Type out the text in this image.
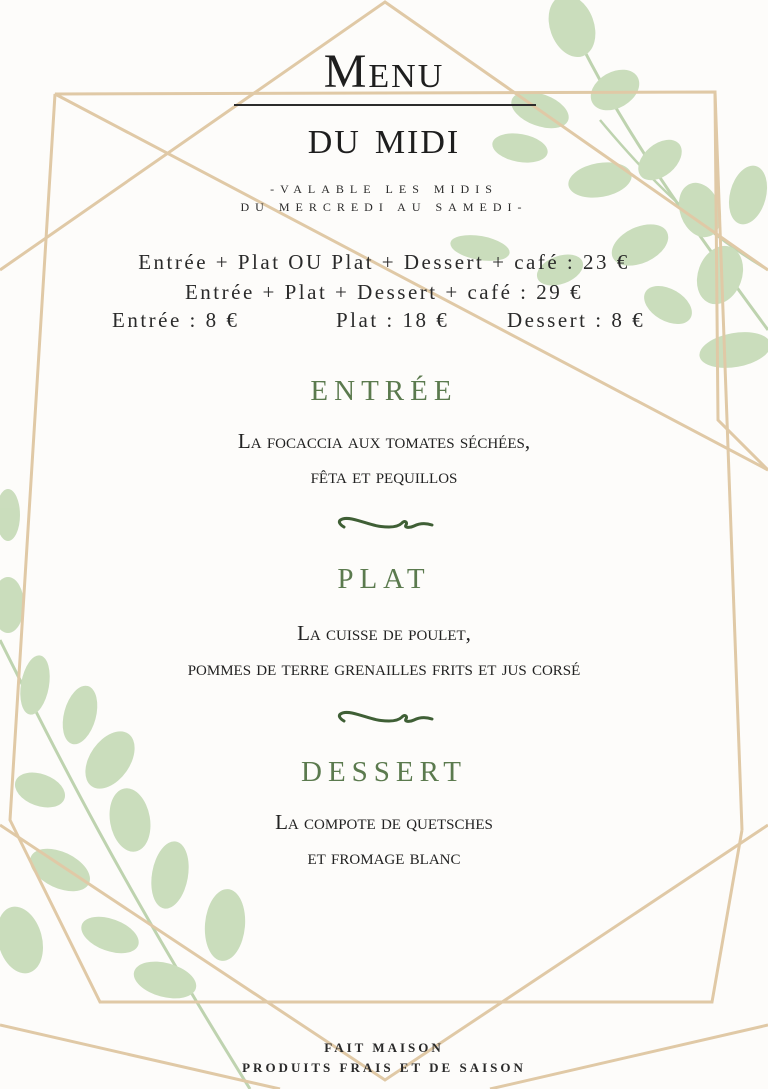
Menu
du midi
-VALABLE LES MIDIS
DU MERCREDI AU SAMEDI-
Entrée + Plat OU Plat + Dessert + café : 23 €
Entrée + Plat + Dessert + café : 29 €
Entrée : 8 €	Plat : 18 €	Dessert : 8 €
ENTRÉE
La focaccia aux tomates séchées,
fêta et pequillos
PLAT
La cuisse de poulet,
pommes de terre grenailles frits et jus corsé
DESSERT
La compote de quetsches
et fromage blanc
FAIT MAISON
PRODUITS FRAIS ET DE SAISON
